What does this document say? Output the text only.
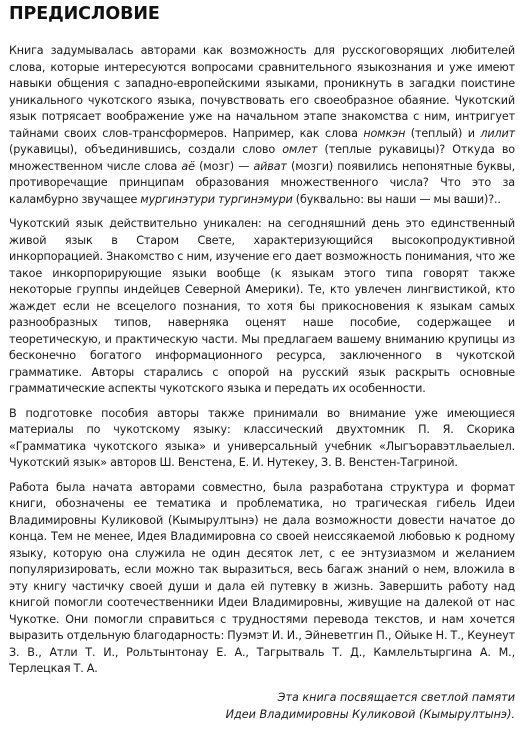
ПРЕДИСЛОВИЕ

Книга задумывалась авторами как возможность для русскоговорящих любителей слова, которые интересуются вопросами сравнительного языкознания и уже имеют навыки общения с западно-европейскими языками, проникнуть в загадки поистине уникального чукотского языка, почувствовать его своеобразное обаяние. Чукотский язык потрясает воображение уже на начальном этапе знакомства с ним, интригует тайнами своих слов-трансформеров. Например, как слова номкэн (теплый) и лилит (рукавицы), объединившись, создали слово омлет (теплые рукавицы)? Откуда во множественном числе слова аё (мозг) — айват (мозги) появились непонятные буквы, противоречащие принципам образования множественного числа? Что это за каламбурно звучащее мургинэтури тургинэмури (буквально: вы наши — мы ваши)?..

Чукотский язык действительно уникален: на сегодняшний день это единственный живой язык в Старом Свете, характеризующийся высокопродуктивной инкорпорацией. Знакомство с ним, изучение его дает возможность понимания, что же такое инкорпорирующие языки вообще (к языкам этого типа говорят также некоторые группы индейцев Северной Америки). Те, кто увлечен лингвистикой, кто жаждет если не всецелого познания, то хотя бы прикосновения к языкам самых разнообразных типов, наверняка оценят наше пособие, содержащее и теоретическую, и практическую части. Мы предлагаем вашему вниманию крупицы из бесконечно богатого информационного ресурса, заключенного в чукотской грамматике. Авторы старались с опорой на русский язык раскрыть основные грамматические аспекты чукотского языка и передать их особенности.

В подготовке пособия авторы также принимали во внимание уже имеющиеся материалы по чукотскому языку: классический двухтомник П. Я. Скорика «Грамматика чукотского языка» и универсальный учебник «Лыгъоравэтльаелыел. Чукотский язык» авторов Ш. Венстена, Е. И. Нутекеу, З. В. Венстен-Тагриной.

Работа была начата авторами совместно, была разработана структура и формат книги, обозначены ее тематика и проблематика, но трагическая гибель Идеи Владимировны Куликовой (Кымырултынэ) не дала возможности довести начатое до конца. Тем не менее, Идея Владимировна со своей неиссякаемой любовью к родному языку, которую она служила не один десяток лет, с ее энтузиазмом и желанием популяризировать, если можно так выразиться, весь багаж знаний о нем, вложила в эту книгу частичку своей души и дала ей путевку в жизнь. Завершить работу над книгой помогли соотечественники Идеи Владимировны, живущие на далекой от нас Чукотке. Они помогли справиться с трудностями перевода текстов, и нам хочется выразить отдельную благодарность: Пуэмэт И. И., Эйневетгин П., Ойыке Н. Т., Кеунеут З. В., Атли Т. И., Рольтынтонау Е. А., Тагрытваль Т. Д., Камлельтыргина А. М., Терлецкая Т. А.

Эта книга посвящается светлой памяти
Идеи Владимировны Куликовой (Кымырултынэ).
